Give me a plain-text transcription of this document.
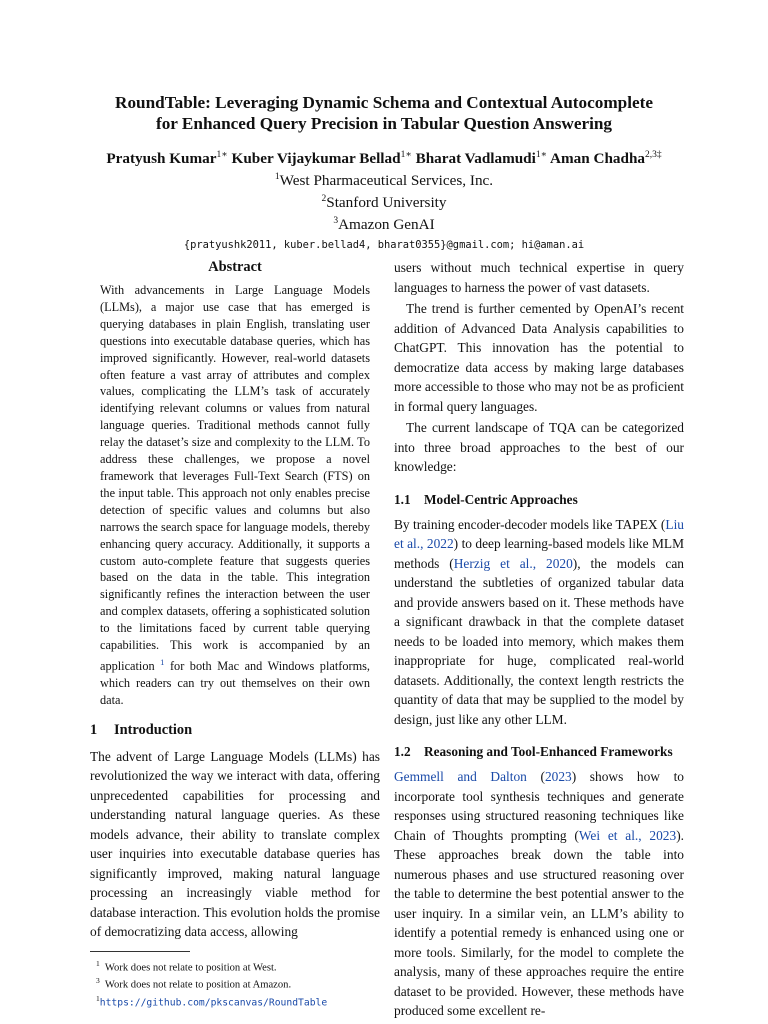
RoundTable: Leveraging Dynamic Schema and Contextual Autocomplete
for Enhanced Query Precision in Tabular Question Answering
Pratyush Kumar$^{1∗}$ Kuber Vijaykumar Bellad$^{1∗}$ Bharat Vadlamudi$^{1∗}$ Aman Chadha$^{2,3\ddagger}$
$^1$West Pharmaceutical Services, Inc.
$^2$Stanford University
$^3$Amazon GenAI
{pratyushk2011, kuber.bellad4, bharat0355}@gmail.com; hi@aman.ai
Abstract
With advancements in Large Language Models (LLMs), a major use case that has emerged is querying databases in plain English, translating user questions into executable database queries, which has improved significantly. However, real-world datasets often feature a vast array of attributes and complex values, complicating the LLM’s task of accurately identifying relevant columns or values from natural language queries. Traditional methods cannot fully relay the dataset’s size and complexity to the LLM. To address these challenges, we propose a novel framework that leverages Full-Text Search (FTS) on the input table. This approach not only enables precise detection of specific values and columns but also narrows the search space for language models, thereby enhancing query accuracy. Additionally, it supports a custom auto-complete feature that suggests queries based on the data in the table. This integration significantly refines the interaction between the user and complex datasets, offering a sophisticated solution to the limitations faced by current table querying capabilities. This work is accompanied by an application $^1$ for both Mac and Windows platforms, which readers can try out themselves on their own data.
1	Introduction

The advent of Large Language Models (LLMs) has revolutionized the way we interact with data, offering unprecedented capabilities for processing and understanding natural language queries. As these models advance, their ability to translate complex user inquiries into executable database queries has significantly improved, making natural language processing an increasingly viable method for database interaction. This evolution holds the promise of democratizing data access, allowing

$^1$ Work does not relate to position at West.
$^3$ Work does not relate to position at Amazon.
$^1$https://github.com/pkscanvas/RoundTable

users without much technical expertise in query languages to harness the power of vast datasets.

The trend is further cemented by OpenAI’s recent addition of Advanced Data Analysis capabilities to ChatGPT. This innovation has the potential to democratize data access by making large databases more accessible to those who may not be as proficient in formal query languages.

The current landscape of TQA can be categorized into three broad approaches to the best of our knowledge:

1.1	Model-Centric Approaches

By training encoder-decoder models like TAPEX (Liu et al., 2022) to deep learning-based models like MLM methods (Herzig et al., 2020), the models can understand the subtleties of organized tabular data and provide answers based on it. These methods have a significant drawback in that the complete dataset needs to be loaded into memory, which makes them inappropriate for huge, complicated real-world datasets. Additionally, the context length restricts the quantity of data that may be supplied to the model by design, just like any other LLM.

1.2	Reasoning and Tool-Enhanced Frameworks

Gemmell and Dalton (2023) shows how to incorporate tool synthesis techniques and generate responses using structured reasoning techniques like Chain of Thoughts prompting (Wei et al., 2023). These approaches break down the table into numerous phases and use structured reasoning over the table to determine the best potential answer to the user inquiry. In a similar vein, an LLM’s ability to identify a potential remedy is enhanced using one or more tools. Similarly, for the model to complete the analysis, many of these approaches require the entire dataset to be provided. However, these methods have produced some excellent re-
